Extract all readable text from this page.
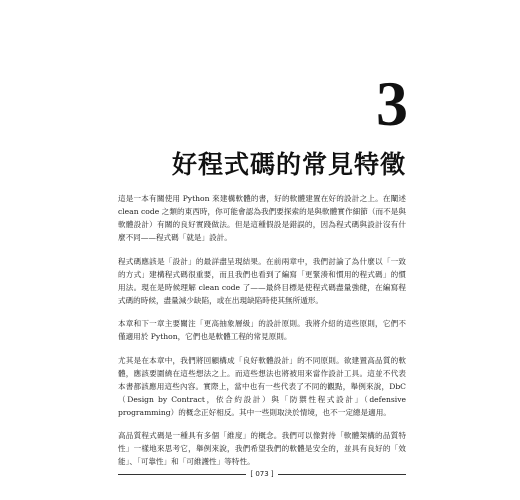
3
好程式碼的常見特徵

這是一本有關使用 Python 來建構軟體的書，好的軟體建置在好的設計之上。在闡述 clean code 之類的東西時，你可能會認為我們要探索的是與軟體實作細節（而不是與軟體設計）有關的良好實踐做法。但是這種假設是錯誤的，因為程式碼與設計沒有什麼不同——程式碼「就是」設計。

程式碼應該是「設計」的最詳盡呈現結果。在前兩章中，我們討論了為什麼以「一致的方式」建構程式碼很重要，而且我們也看到了編寫「更緊湊和慣用的程式碼」的慣用法。現在是時候理解 clean code 了——最終目標是使程式碼盡量強健，在編寫程式碼的時候，盡量減少缺陷，或在出現缺陷時使其無所遁形。

本章和下一章主要關注「更高抽象層級」的設計原則。我將介紹的這些原則，它們不僅適用於 Python，它們也是軟體工程的常見原則。

尤其是在本章中，我們將回顧構成「良好軟體設計」的不同原則。欲建置高品質的軟體，應該要圍繞在這些想法之上。而這些想法也將被用來當作設計工具。這並不代表本書都該應用這些內容。實際上，當中也有一些代表了不同的觀點，舉例來說，DbC（Design by Contract，依合約設計）與「防禦性程式設計」（defensive programming）的概念正好相反。其中一些則取決於情境，也不一定總是適用。

高品質程式碼是一種具有多個「維度」的概念。我們可以像對待「軟體架構的品質特性」一樣地來思考它，舉例來說，我們希望我們的軟體是安全的，並具有良好的「效能」、「可靠性」和「可維護性」等特性。

[ 073 ]
